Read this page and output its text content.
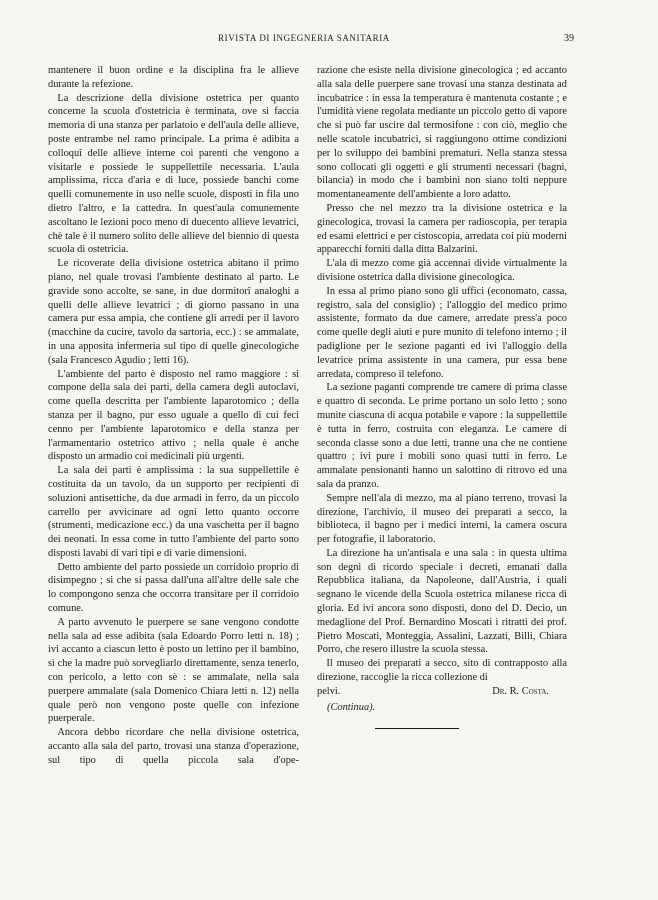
RIVISTA DI INGEGNERIA SANITARIA	39

mantenere il buon ordine e la disciplina fra le allieve durante la refezione.

La descrizione della divisione ostetrica per quanto concerne la scuola d'ostetricia è terminata, ove si faccia memoria di una stanza per parlatoio e dell'aula delle allieve, poste entrambe nel ramo principale. La prima è adibita a colloquî delle allieve interne coi parenti che vengono a visitarle e possiede le suppellettile necessaria. L'aula amplissima, ricca d'aria e di luce, possiede banchi come quelli comunemente in uso nelle scuole, disposti in fila uno dietro l'altro, e la cattedra. In quest'aula comunemente ascoltano le lezioni poco meno di duecento allieve levatrici, chè tale è il numero solito delle allieve del biennio di questa scuola di ostetricia.

Le ricoverate della divisione ostetrica abitano il primo piano, nel quale trovasi l'ambiente destinato al parto. Le gravide sono accolte, se sane, in due dormitorî analoghi a quelli delle allieve levatrici ; di giorno passano in una camera pur essa ampia, che contiene gli arredi per il lavoro (macchine da cucire, tavolo da sartoria, ecc.) : se ammalate, in una apposita infermeria sul tipo di quelle ginecologiche (sala Francesco Agudio ; letti 16).

L'ambiente del parto è disposto nel ramo maggiore : si compone della sala dei parti, della camera degli autoclavi, come quella descritta per l'ambiente laparotomico ; della stanza per il bagno, pur esso uguale a quello di cui feci cenno per l'ambiente laparotomico e della stanza per l'armamentario ostetrico attivo ; nella quale è anche disposto un armadio coi medicinali più urgenti.

La sala dei parti è amplissima : la sua suppellettile è costituita da un tavolo, da un supporto per recipienti di soluzioni antisettiche, da due armadi in ferro, da un piccolo carrello per avvicinare ad ogni letto quanto occorre (strumenti, medicazione ecc.) da una vaschetta per il bagno dei neonati. In essa come in tutto l'ambiente del parto sono disposti lavabi di vari tipi e di varie dimensioni.

Detto ambiente del parto possiede un corridoio proprio di disimpegno ; si che si passa dall'una all'altre delle sale che lo compongono senza che occorra transitare per il corridoio comune.

A parto avvenuto le puerpere se sane vengono condotte nella sala ad esse adibita (sala Edoardo Porro letti n. 18) ; ivi accanto a ciascun letto è posto un lettino per il bambino, sì che la madre può sorvegliarlo direttamente, senza tenerlo, con pericolo, a letto con sè : se ammalate, nella sala puerpere ammalate (sala Domenico Chiara letti n. 12) nella quale però non vengono poste quelle con infezione puerperale.

Ancora debbo ricordare che nella divisione ostetrica, accanto alla sala del parto, trovasi una stanza d'operazione, sul tipo di quella piccola sala d'ope-

razione che esiste nella divisione ginecologica ; ed accanto alla sala delle puerpere sane trovasi una stanza destinata ad incubatrice : in essa la temperatura è mantenuta costante ; e l'umidità viene regolata mediante un piccolo getto di vapore che si può far uscire dal termosifone : con ciò, meglio che nelle scatole incubatrici, si raggiungono ottime condizioni per lo sviluppo dei bambini prematuri. Nella stanza stessa sono collocati gli oggetti e gli strumenti necessari (bagni, bilancia) in modo che i bambini non siano tolti neppure momentaneamente dell'ambiente a loro adatto.

Presso che nel mezzo tra la divisione ostetrica e la ginecologica, trovasi la camera per radioscopia, per terapia ed esami elettrici e per cistoscopia, arredata coi più moderni apparecchi forniti dalla ditta Balzarini.

L'ala di mezzo come già accennai divide virtualmente la divisione ostetrica dalla divisione ginecologica.

In essa al primo piano sono gli uffici (economato, cassa, registro, sala del consiglio) ; l'alloggio del medico primo assistente, formato da due camere, arredate press'a poco come quelle degli aiuti e pure munito di telefono interno ; il padiglione per le sezione paganti ed ivi l'alloggio della levatrice prima assistente in una camera, pur essa bene arredata, compreso il telefono.

La sezione paganti comprende tre camere di prima classe e quattro di seconda. Le prime portano un solo letto ; sono munite ciascuna di acqua potabile e vapore : la suppellettile è tutta in ferro, costruita con eleganza. Le camere di seconda classe sono a due letti, tranne una che ne contiene quattro ; ivi pure i mobili sono quasi tutti in ferro. Le ammalate pensionanti hanno un salottino di ritrovo ed una sala da pranzo.

Sempre nell'ala di mezzo, ma al piano terreno, trovasi la direzione, l'archivio, il museo dei preparati a secco, la biblioteca, il bagno per i medici interni, la camera oscura per fotografie, il laboratorio.

La direzione ha un'antisala e una sala : in questa ultima son degni di ricordo speciale i decreti, emanati dalla Repubblica italiana, da Napoleone, dall'Austria, i quali segnano le vicende della Scuola ostetrica milanese ricca di gloria. Ed ivi ancora sono disposti, dono del D. Decio, un medaglione del Prof. Bernardino Moscati i ritratti dei prof. Pietro Moscati, Monteggia, Assalini, Lazzati, Billi, Chiara Porro, che resero illustre la scuola stessa.

Il museo dei preparati a secco, sito di contrapposto alla direzione, raccoglie la ricca collezione di

pelvi.	Dr. R. Costa.
(Continua).
